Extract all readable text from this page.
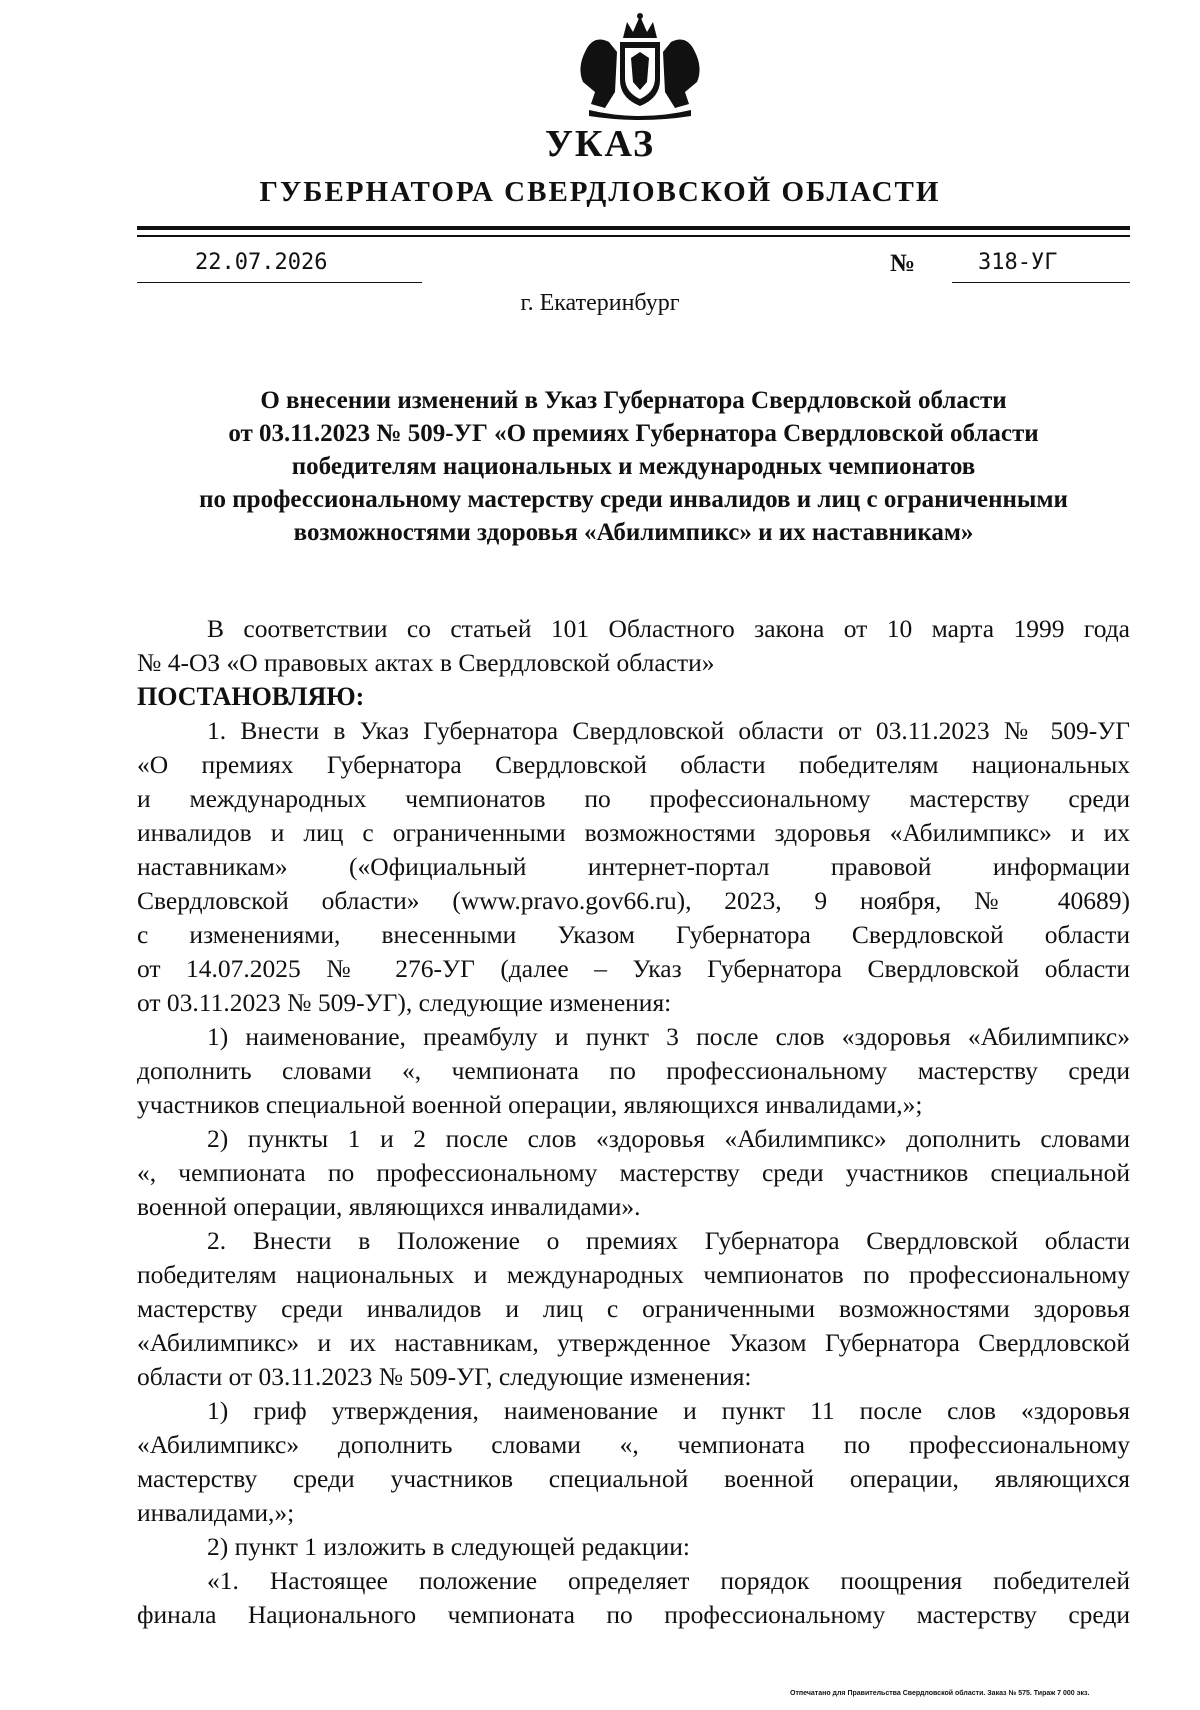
УКАЗ
ГУБЕРНАТОРА СВЕРДЛОВСКОЙ ОБЛАСТИ
22.07.2026	№	318-УГ
г. Екатеринбург
О внесении изменений в Указ Губернатора Свердловской области
от 03.11.2023 № 509-УГ «О премиях Губернатора Свердловской области
победителям национальных и международных чемпионатов
по профессиональному мастерству среди инвалидов и лиц с ограниченными
возможностями здоровья «Абилимпикс» и их наставникам»
В соответствии со статьей 101 Областного закона от 10 марта 1999 года
№ 4-ОЗ «О правовых актах в Свердловской области»
ПОСТАНОВЛЯЮ:
1. Внести в Указ Губернатора Свердловской области от 03.11.2023 № 509-УГ
«О премиях Губернатора Свердловской области победителям национальных
и международных чемпионатов по профессиональному мастерству среди
инвалидов и лиц с ограниченными возможностями здоровья «Абилимпикс» и их
наставникам» («Официальный интернет-портал правовой информации
Свердловской области» (www.pravo.gov66.ru), 2023, 9 ноября, № 40689)
с изменениями, внесенными Указом Губернатора Свердловской области
от 14.07.2025 № 276-УГ (далее – Указ Губернатора Свердловской области
от 03.11.2023 № 509-УГ), следующие изменения:
1) наименование, преамбулу и пункт 3 после слов «здоровья «Абилимпикс»
дополнить словами «, чемпионата по профессиональному мастерству среди
участников специальной военной операции, являющихся инвалидами,»;
2) пункты 1 и 2 после слов «здоровья «Абилимпикс» дополнить словами
«, чемпионата по профессиональному мастерству среди участников специальной
военной операции, являющихся инвалидами».
2. Внести в Положение о премиях Губернатора Свердловской области
победителям национальных и международных чемпионатов по профессиональному
мастерству среди инвалидов и лиц с ограниченными возможностями здоровья
«Абилимпикс» и их наставникам, утвержденное Указом Губернатора Свердловской
области от 03.11.2023 № 509-УГ, следующие изменения:
1) гриф утверждения, наименование и пункт 11 после слов «здоровья
«Абилимпикс» дополнить словами «, чемпионата по профессиональному
мастерству среди участников специальной военной операции, являющихся
инвалидами,»;
2) пункт 1 изложить в следующей редакции:
«1. Настоящее положение определяет порядок поощрения победителей
финала Национального чемпионата по профессиональному мастерству среди
Отпечатано для Правительства Свердловской области. Заказ № 575. Тираж 7 000 экз.
